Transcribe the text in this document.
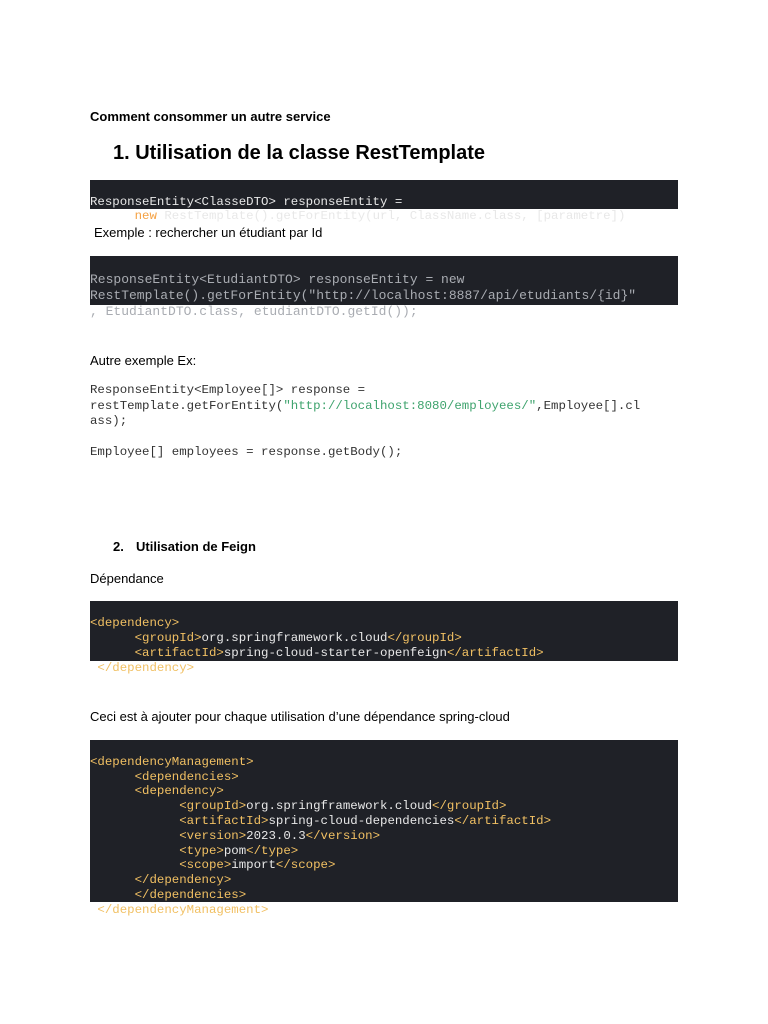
Comment consommer un autre service
1. Utilisation de la classe RestTemplate

ResponseEntity<ClasseDTO> responseEntity =
new RestTemplate().getForEntity(url, ClassName.class, [parametre])
Exemple : rechercher un étudiant par Id

ResponseEntity<EtudiantDTO> responseEntity = new
RestTemplate().getForEntity("http://localhost:8887/api/etudiants/{id}"
, EtudiantDTO.class, etudiantDTO.getId());
Autre exemple Ex:
ResponseEntity<Employee[]> response =
restTemplate.getForEntity("http://localhost:8080/employees/",Employee[].cl
ass);
Employee[] employees = response.getBody();
2. Utilisation de Feign
Dépendance

<dependency>
<groupId>org.springframework.cloud</groupId>
<artifactId>spring-cloud-starter-openfeign</artifactId>
</dependency>
Ceci est à ajouter pour chaque utilisation d’une dépendance spring-cloud

<dependencyManagement>
<dependencies>
<dependency>
<groupId>org.springframework.cloud</groupId>
<artifactId>spring-cloud-dependencies</artifactId>
<version>2023.0.3</version>
<type>pom</type>
<scope>import</scope>
</dependency>
</dependencies>
</dependencyManagement>
